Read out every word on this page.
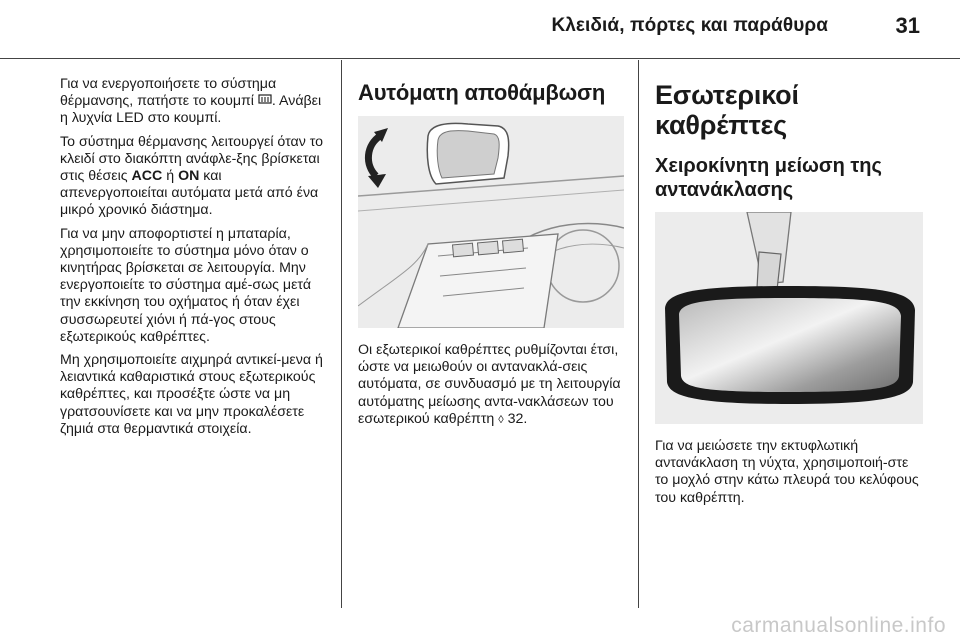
Κλειδιά, πόρτες και παράθυρα	31

Για να ενεργοποιήσετε το σύστημα θέρμανσης, πατήστε το κουμπί . Ανάβει η λυχνία LED στο κουμπί.

Το σύστημα θέρμανσης λειτουργεί όταν το κλειδί στο διακόπτη ανάφλε-ξης βρίσκεται στις θέσεις ACC ή ON και απενεργοποιείται αυτόματα μετά από ένα μικρό χρονικό διάστημα.

Για να μην αποφορτιστεί η μπαταρία, χρησιμοποιείτε το σύστημα μόνο όταν ο κινητήρας βρίσκεται σε λειτουργία. Μην ενεργοποιείτε το σύστημα αμέ-σως μετά την εκκίνηση του οχήματος ή όταν έχει συσσωρευτεί χιόνι ή πά-γος στους εξωτερικούς καθρέπτες.

Μη χρησιμοποιείτε αιχμηρά αντικεί-μενα ή λειαντικά καθαριστικά στους εξωτερικούς καθρέπτες, και προσέξτε ώστε να μη γρατσουνίσετε και να μην προκαλέσετε ζημιά στα θερμαντικά στοιχεία.

Αυτόματη αποθάμβωση

Οι εξωτερικοί καθρέπτες ρυθμίζονται έτσι, ώστε να μειωθούν οι αντανακλά-σεις αυτόματα, σε συνδυασμό με τη λειτουργία αυτόματης μείωσης αντα-νακλάσεων του εσωτερικού καθρέπτη ◊ 32.

Εσωτερικοί καθρέπτες
Χειροκίνητη μείωση της αντανάκλασης

Για να μειώσετε την εκτυφλωτική αντανάκλαση τη νύχτα, χρησιμοποιή-στε το μοχλό στην κάτω πλευρά του κελύφους του καθρέπτη.

carmanualsonline.info
